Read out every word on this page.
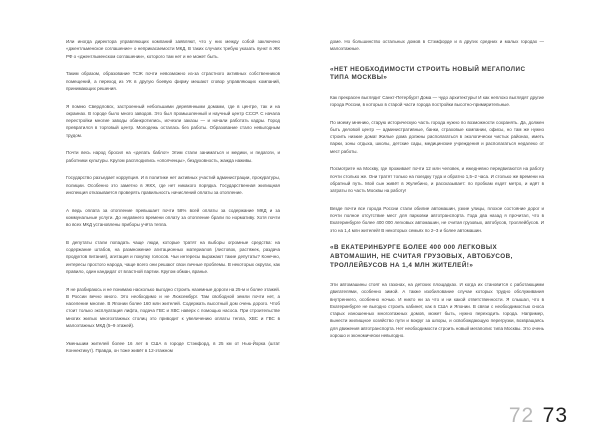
Или иногда директора управляющих компаний заявляют, что у них между собой заключено «джентльменское соглашение» о неприкасаемости МКД. В таких случаях требую указать пункт в ЖК РФ о «джентльменском соглашении», которого там нет и не может быть.

Таким образом, образование ТСЖ почти невозможно из-за страстного активных собственников помещений, а переход из УК в другую боевую фирму мешают сговор управляющих компаний, принимающих решения.

Я помню Свердловск, застроенный небольшими деревянными домами, где в центре, так и на окраинах. В городе было много заводов. Это был промышленный и научный центр СССР. С начала перестройки многие заводы обанкротились, исчезли заказы — и начали работать кадры. Город превратился в торговый центр. Молодежь осталась без работы. Образование стало невыгодным трудом.

Почти весь народ бросил на «делать бабло!» Этим стали заниматься и медики, и педагоги, и работники культуры. Кругом расплодились «ополченцы», бездуховность, жажда наживы.

Государство разъедает коррупция. И в политике нет активных участий администрации, прокуратуры, полиции. Особенно это заметно в ЖКХ, где нет никакого порядка. Государственная жилищная инспекция отказывается проверять правильность начислений оплаты за отопление.

А ведь оплата за отопление превышает почти 58% всей оплаты за содержание МКД и за коммунальные услуги. До недавнего времени оплату за отопление брали по нормативу. Хотя почти во всех МКД установлены приборы учёта тепла.

В депутаты стали попадать чаще люди, которые тратят на выборы огромные средства: на содержание штабов, на размножение агитационных материалов (листовок, растяжек, раздача продуктов питания), агитация и покупку голосов. Чьи интересы выражают такие депутаты? Конечно, интересы простого народа, чаще всего они решают свои личные проблемы. В некоторых округах, как правило, один кандидат от властной партии. Кругом обман, вранье.

Я не разбираюсь и не понимаю насколько выгодно строить наземные дороги на 25-м и более этажей. В России вечно много. Это необходимо и не Люксембург. Там свободной земли почти нет, а население многие. В Японии более 160 млн жителей. Содержать высотный дом очень дорого. Чтоб стоит только эксплуатация лифта, подача ГВС и ХВС наверх с помощью насоса. При строительстве многих жилых многоэтажных столиц это приводит к увеличению оплаты тепла, ХВС и ГВС в малоэтажных МКД (5–9 этажей).

Уменьшим жителей более 16 лет в США в городе Стэмфорд, в 25 км от Нью-Йорка (штат Коннектикут). Правда, он тоже живёт в 12-этажном

доме. Но большинство остальных домов в Стэмфорде и в других средних и малых городах — малоэтажные.

«НЕТ НЕОБХОДИМОСТИ СТРОИТЬ НОВЫЙ МЕГАПОЛИС ТИПА МОСКВЫ»

Как прекрасен выглядит Санкт-Петербург! Дома — чудо архитектуры! И как неплохо выглядят другие города России, в которых в старой части города постройки высотно-примирительные.

По моему мнению, старую историческую часть города нужно по возможности сохранять. Да, должен быть деловой центр — административные, банки, страховые компании, офисы, но там же нужно строить низкие дома! Жилые дома должны располагаться в экологически чистых районах, иметь парки, зоны отдыха, школы, детские сады, медицинские учреждения и располагаться недалеко от мест работы.

Посмотрите на Москву, где проживает почти 12 млн человек, и ежедневно передвигаются на работу почти столько же. Они тратят только на поездку туда и обратно 1,5–2 часа. И столько же времени на обратный путь. Мой сын живёт в Жулебино, и рассказывает: по пробкам ездят метро, и идёт в затраты по часть Москвы на работу!

Везде почти все города России стали обилие автомашин, узкие улицы, плохое состояние дорог и почти полное отсутствие мест для парковки автотранспорта. Года два назад я прочитал, что в Екатеринбурге более 400 000 легковых автомашин, не считая грузовых, автобусов, троллейбусов. И это на 1,4 млн жителей! В некоторых семьях по 2–3 и более автомашин.

«В ЕКАТЕРИНБУРГЕ БОЛЕЕ 400 000 ЛЕГКОВЫХ АВТОМАШИН, НЕ СЧИТАЯ ГРУЗОВЫХ, АВТОБУСОВ, ТРОЛЛЕЙБУСОВ НА 1,4 МЛН ЖИТЕЛЕЙ!»

Эти автомашины стоят на газонах, на детских площадках. И когда их становится с работающими двигателями, особенно зимой. А также изобилование случае которых трудно обслуживания внутреннего, особенно ночью. И никто ни за что и ни какой ответственности. Я слышал, что в Екатеринбурге не выгодно строить кабинет, как в США и Японии. В связи с необходимостью сноса старых изношенных многоэтажных домов, может быть, нужно переходить города. Например, вынести жилищное хозяйство пути и вокруг за шпоры, и освобождающую перегрузки, возвращаясь для движения автотранспорта. Нет необходимости строить новый мегаполис типа Москвы. Это очень хорошо и экономически невыгодно.

72 73
